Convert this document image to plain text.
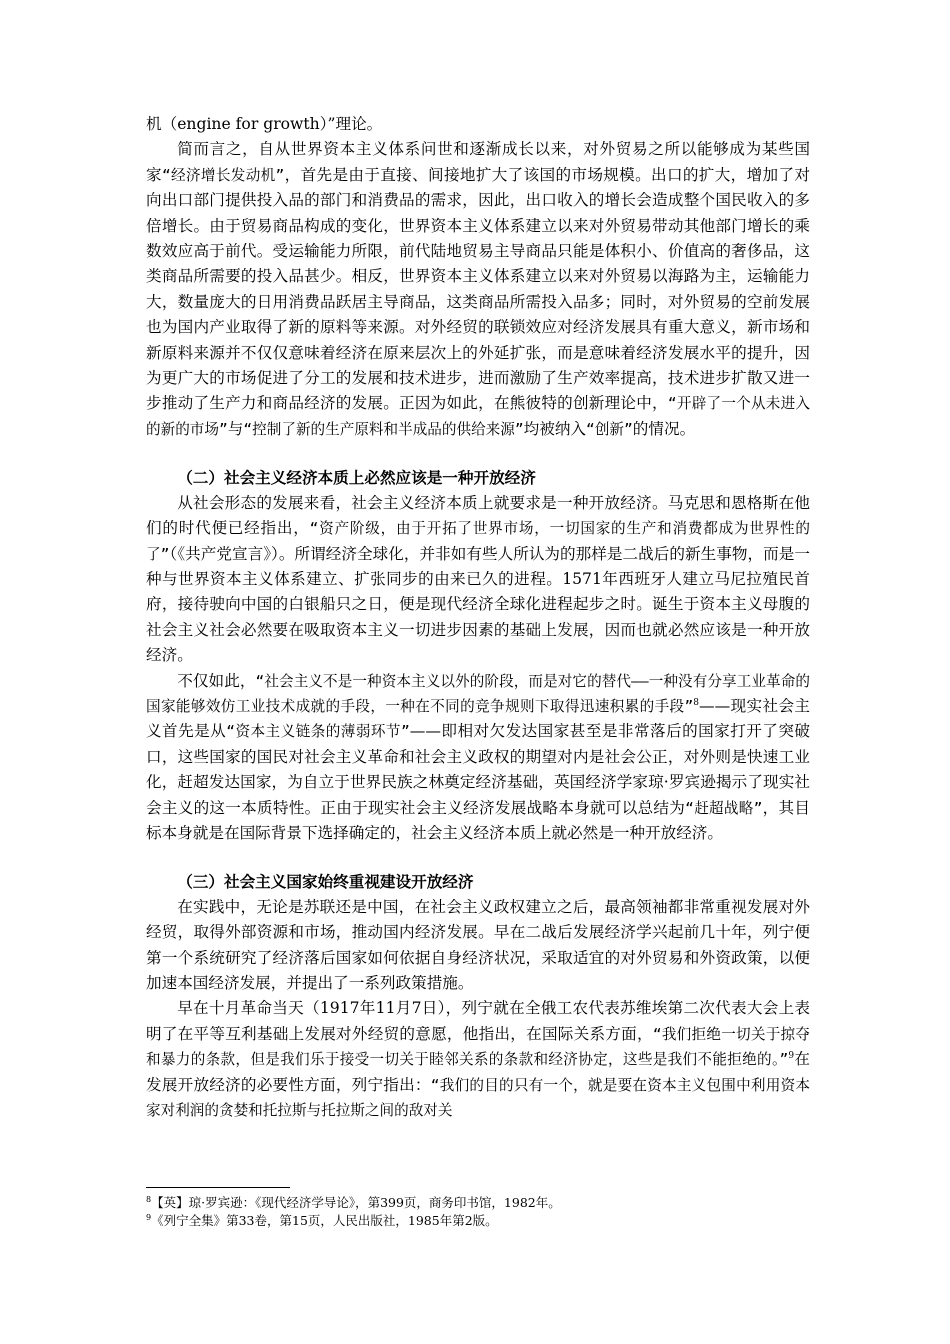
机（engine for growth）”理论。

简而言之，自从世界资本主义体系问世和逐渐成长以来，对外贸易之所以能够成为某些国家“经济增长发动机”，首先是由于直接、间接地扩大了该国的市场规模。出口的扩大，增加了对向出口部门提供投入品的部门和消费品的需求，因此，出口收入的增长会造成整个国民收入的多倍增长。由于贸易商品构成的变化，世界资本主义体系建立以来对外贸易带动其他部门增长的乘数效应高于前代。受运输能力所限，前代陆地贸易主导商品只能是体积小、价值高的奢侈品，这类商品所需要的投入品甚少。相反，世界资本主义体系建立以来对外贸易以海路为主，运输能力大，数量庞大的日用消费品跃居主导商品，这类商品所需投入品多；同时，对外贸易的空前发展也为国内产业取得了新的原料等来源。对外经贸的联锁效应对经济发展具有重大意义，新市场和新原料来源并不仅仅意味着经济在原来层次上的外延扩张，而是意味着经济发展水平的提升，因为更广大的市场促进了分工的发展和技术进步，进而激励了生产效率提高，技术进步扩散又进一步推动了生产力和商品经济的发展。正因为如此，在熊彼特的创新理论中，“开辟了一个从未进入的新的市场”与“控制了新的生产原料和半成品的供给来源”均被纳入“创新”的情况。

（二）社会主义经济本质上必然应该是一种开放经济

从社会形态的发展来看，社会主义经济本质上就要求是一种开放经济。马克思和恩格斯在他们的时代便已经指出，“资产阶级，由于开拓了世界市场，一切国家的生产和消费都成为世界性的了”（《共产党宣言》）。所谓经济全球化，并非如有些人所认为的那样是二战后的新生事物，而是一种与世界资本主义体系建立、扩张同步的由来已久的进程。1571年西班牙人建立马尼拉殖民首府，接待驶向中国的白银船只之日，便是现代经济全球化进程起步之时。诞生于资本主义母腹的社会主义社会必然要在吸取资本主义一切进步因素的基础上发展，因而也就必然应该是一种开放经济。

不仅如此，“社会主义不是一种资本主义以外的阶段，而是对它的替代——一种没有分享工业革命的国家能够效仿工业技术成就的手段，一种在不同的竞争规则下取得迅速积累的手段”$^8$——现实社会主义首先是从“资本主义链条的薄弱环节”——即相对欠发达国家甚至是非常落后的国家打开了突破口，这些国家的国民对社会主义革命和社会主义政权的期望对内是社会公正，对外则是快速工业化，赶超发达国家，为自立于世界民族之林奠定经济基础，英国经济学家琼·罗宾逊揭示了现实社会主义的这一本质特性。正由于现实社会主义经济发展战略本身就可以总结为“赶超战略”，其目标本身就是在国际背景下选择确定的，社会主义经济本质上就必然是一种开放经济。

（三）社会主义国家始终重视建设开放经济

在实践中，无论是苏联还是中国，在社会主义政权建立之后，最高领袖都非常重视发展对外经贸，取得外部资源和市场，推动国内经济发展。早在二战后发展经济学兴起前几十年，列宁便第一个系统研究了经济落后国家如何依据自身经济状况，采取适宜的对外贸易和外资政策，以便加速本国经济发展，并提出了一系列政策措施。

早在十月革命当天（1917年11月7日），列宁就在全俄工农代表苏维埃第二次代表大会上表明了在平等互利基础上发展对外经贸的意愿，他指出，在国际关系方面，“我们拒绝一切关于掠夺和暴力的条款，但是我们乐于接受一切关于睦邻关系的条款和经济协定，这些是我们不能拒绝的。”$^9$在发展开放经济的必要性方面，列宁指出：“我们的目的只有一个，就是要在资本主义包围中利用资本家对利润的贪婪和托拉斯与托拉斯之间的敌对关

$^8$【英】琼·罗宾逊：《现代经济学导论》，第399页，商务印书馆，1982年。

$^9$《列宁全集》第33卷，第15页，人民出版社，1985年第2版。
